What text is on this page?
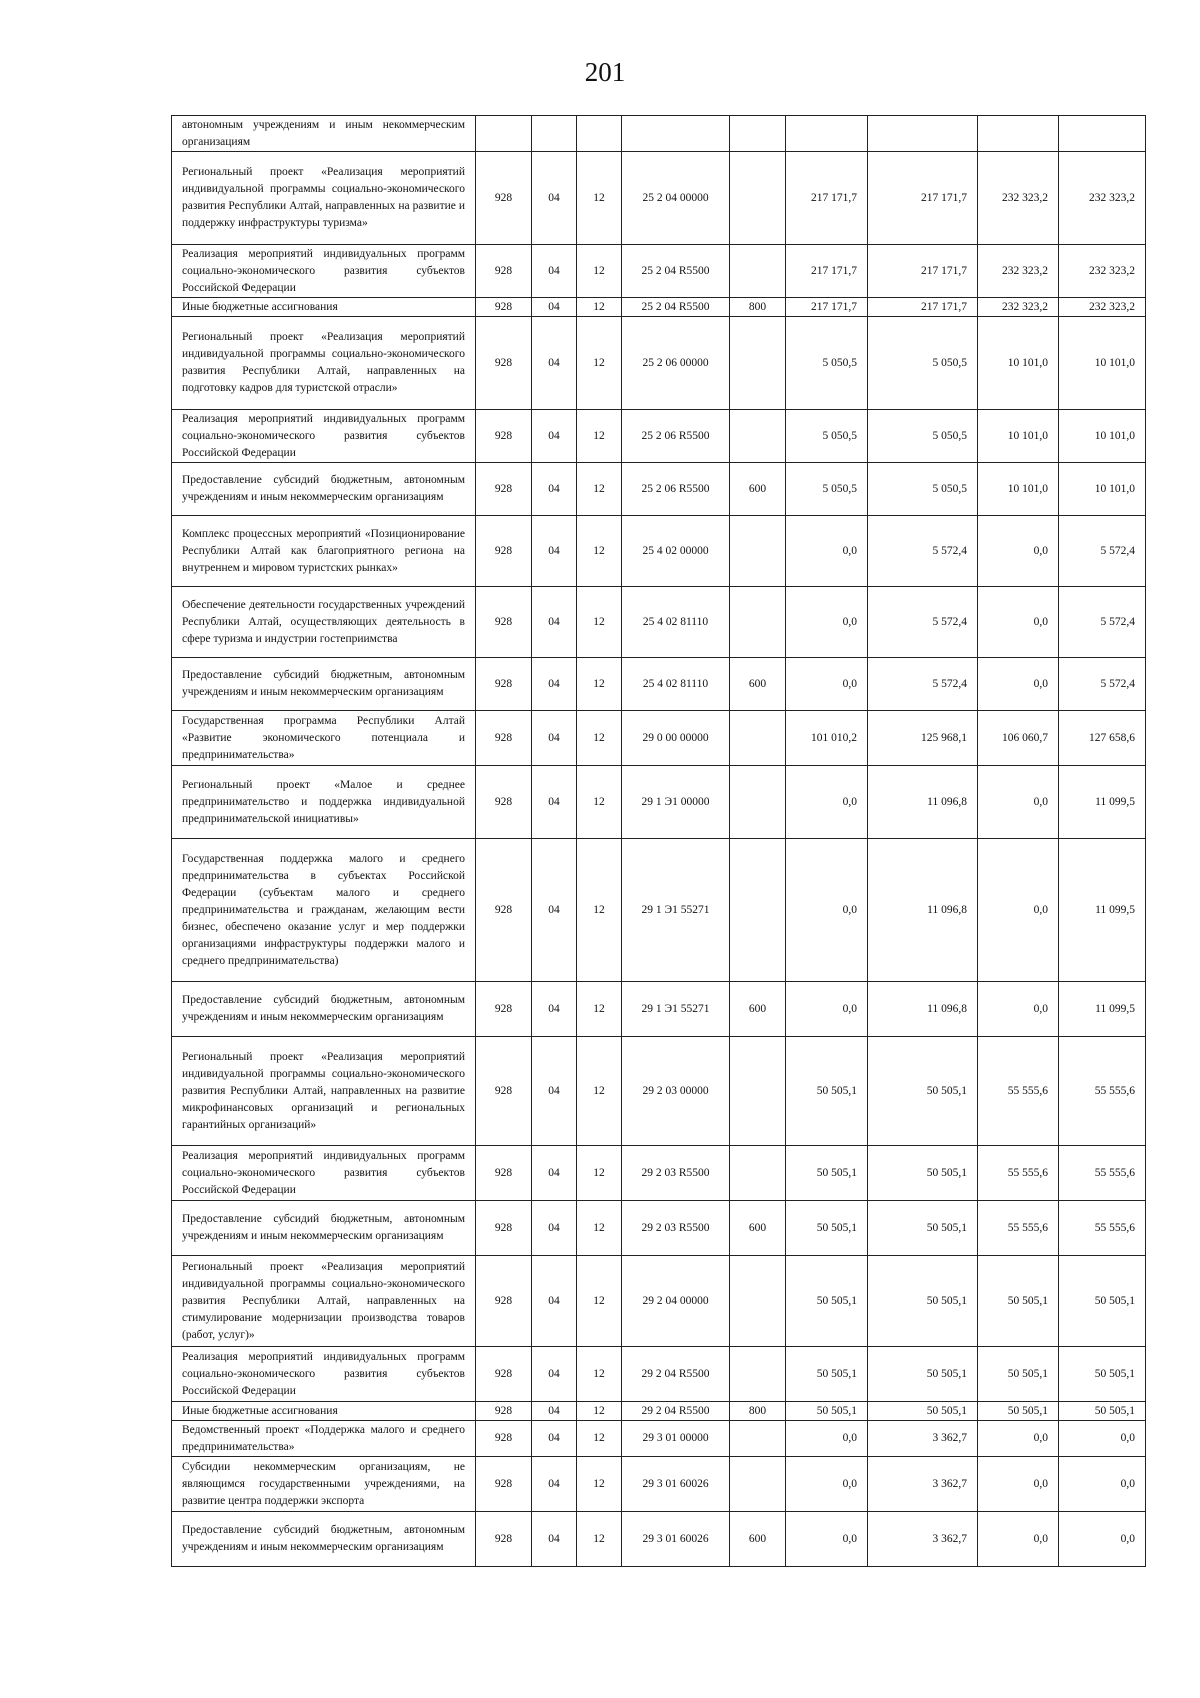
201
автономным учреждениям и иным некоммерческим организациям									
Региональный проект «Реализация мероприятий индивидуальной программы социально-экономического развития Республики Алтай, направленных на развитие и поддержку инфраструктуры туризма»	928	04	12	25 2 04 00000		217 171,7	217 171,7	232 323,2	232 323,2
Реализация мероприятий индивидуальных программ социально-экономического развития субъектов Российской Федерации	928	04	12	25 2 04 R5500		217 171,7	217 171,7	232 323,2	232 323,2
Иные бюджетные ассигнования	928	04	12	25 2 04 R5500	800	217 171,7	217 171,7	232 323,2	232 323,2
Региональный проект «Реализация мероприятий индивидуальной программы социально-экономического развития Республики Алтай, направленных на подготовку кадров для туристской отрасли»	928	04	12	25 2 06 00000		5 050,5	5 050,5	10 101,0	10 101,0
Реализация мероприятий индивидуальных программ социально-экономического развития субъектов Российской Федерации	928	04	12	25 2 06 R5500		5 050,5	5 050,5	10 101,0	10 101,0
Предоставление субсидий бюджетным, автономным учреждениям и иным некоммерческим организациям	928	04	12	25 2 06 R5500	600	5 050,5	5 050,5	10 101,0	10 101,0
Комплекс процессных мероприятий «Позиционирование Республики Алтай как благоприятного региона на внутреннем и мировом туристских рынках»	928	04	12	25 4 02 00000		0,0	5 572,4	0,0	5 572,4
Обеспечение деятельности государственных учреждений Республики Алтай, осуществляющих деятельность в сфере туризма и индустрии гостеприимства	928	04	12	25 4 02 81110		0,0	5 572,4	0,0	5 572,4
Предоставление субсидий бюджетным, автономным учреждениям и иным некоммерческим организациям	928	04	12	25 4 02 81110	600	0,0	5 572,4	0,0	5 572,4
Государственная программа Республики Алтай «Развитие экономического потенциала и предпринимательства»	928	04	12	29 0 00 00000		101 010,2	125 968,1	106 060,7	127 658,6
Региональный проект «Малое и среднее предпринимательство и поддержка индивидуальной предпринимательской инициативы»	928	04	12	29 1 Э1 00000		0,0	11 096,8	0,0	11 099,5
Государственная поддержка малого и среднего предпринимательства в субъектах Российской Федерации (субъектам малого и среднего предпринимательства и гражданам, желающим вести бизнес, обеспечено оказание услуг и мер поддержки организациями инфраструктуры поддержки малого и среднего предпринимательства)	928	04	12	29 1 Э1 55271		0,0	11 096,8	0,0	11 099,5
Предоставление субсидий бюджетным, автономным учреждениям и иным некоммерческим организациям	928	04	12	29 1 Э1 55271	600	0,0	11 096,8	0,0	11 099,5
Региональный проект «Реализация мероприятий индивидуальной программы социально-экономического развития Республики Алтай, направленных на развитие микрофинансовых организаций и региональных гарантийных организаций»	928	04	12	29 2 03 00000		50 505,1	50 505,1	55 555,6	55 555,6
Реализация мероприятий индивидуальных программ социально-экономического развития субъектов Российской Федерации	928	04	12	29 2 03 R5500		50 505,1	50 505,1	55 555,6	55 555,6
Предоставление субсидий бюджетным, автономным учреждениям и иным некоммерческим организациям	928	04	12	29 2 03 R5500	600	50 505,1	50 505,1	55 555,6	55 555,6
Региональный проект «Реализация мероприятий индивидуальной программы социально-экономического развития Республики Алтай, направленных на стимулирование модернизации производства товаров (работ, услуг)»	928	04	12	29 2 04 00000		50 505,1	50 505,1	50 505,1	50 505,1
Реализация мероприятий индивидуальных программ социально-экономического развития субъектов Российской Федерации	928	04	12	29 2 04 R5500		50 505,1	50 505,1	50 505,1	50 505,1
Иные бюджетные ассигнования	928	04	12	29 2 04 R5500	800	50 505,1	50 505,1	50 505,1	50 505,1
Ведомственный проект «Поддержка малого и среднего предпринимательства»	928	04	12	29 3 01 00000		0,0	3 362,7	0,0	0,0
Субсидии некоммерческим организациям, не являющимся государственными учреждениями, на развитие центра поддержки экспорта	928	04	12	29 3 01 60026		0,0	3 362,7	0,0	0,0
Предоставление субсидий бюджетным, автономным учреждениям и иным некоммерческим организациям	928	04	12	29 3 01 60026	600	0,0	3 362,7	0,0	0,0
